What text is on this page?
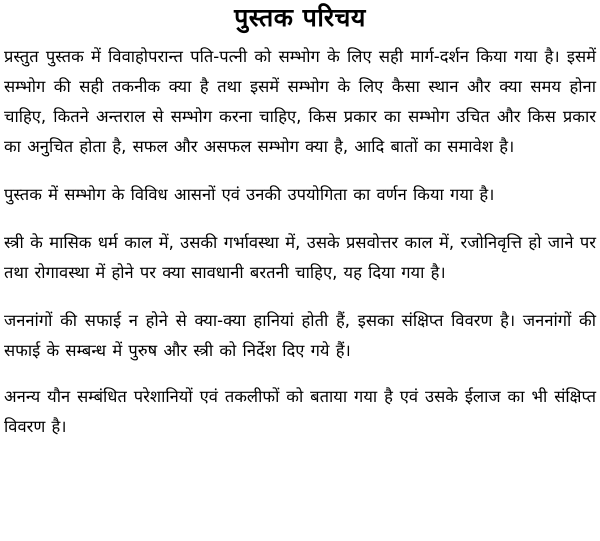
पुस्तक परिचय

प्रस्तुत पुस्तक में विवाहोपरान्त पति-पत्नी को सम्भोग के लिए सही मार्ग-दर्शन किया गया है। इसमें सम्भोग की सही तकनीक क्या है तथा इसमें सम्भोग के लिए कैसा स्थान और क्या समय होना चाहिए, कितने अन्तराल से सम्भोग करना चाहिए, किस प्रकार का सम्भोग उचित और किस प्रकार का अनुचित होता है, सफल और असफल सम्भोग क्या है, आदि बातों का समावेश है।

पुस्तक में सम्भोग के विविध आसनों एवं उनकी उपयोगिता का वर्णन किया गया है।

स्त्री के मासिक धर्म काल में, उसकी गर्भावस्था में, उसके प्रसवोत्तर काल में, रजोनिवृत्ति हो जाने पर तथा रोगावस्था में होने पर क्या सावधानी बरतनी चाहिए, यह दिया गया है।

जननांगों की सफाई न होने से क्या-क्या हानियां होती हैं, इसका संक्षिप्त विवरण है। जननांगों की सफाई के सम्बन्ध में पुरुष और स्त्री को निर्देश दिए गये हैं।

अनन्य यौन सम्बंधित परेशानियों एवं तकलीफों को बताया गया है एवं उसके ईलाज का भी संक्षिप्त विवरण है।
